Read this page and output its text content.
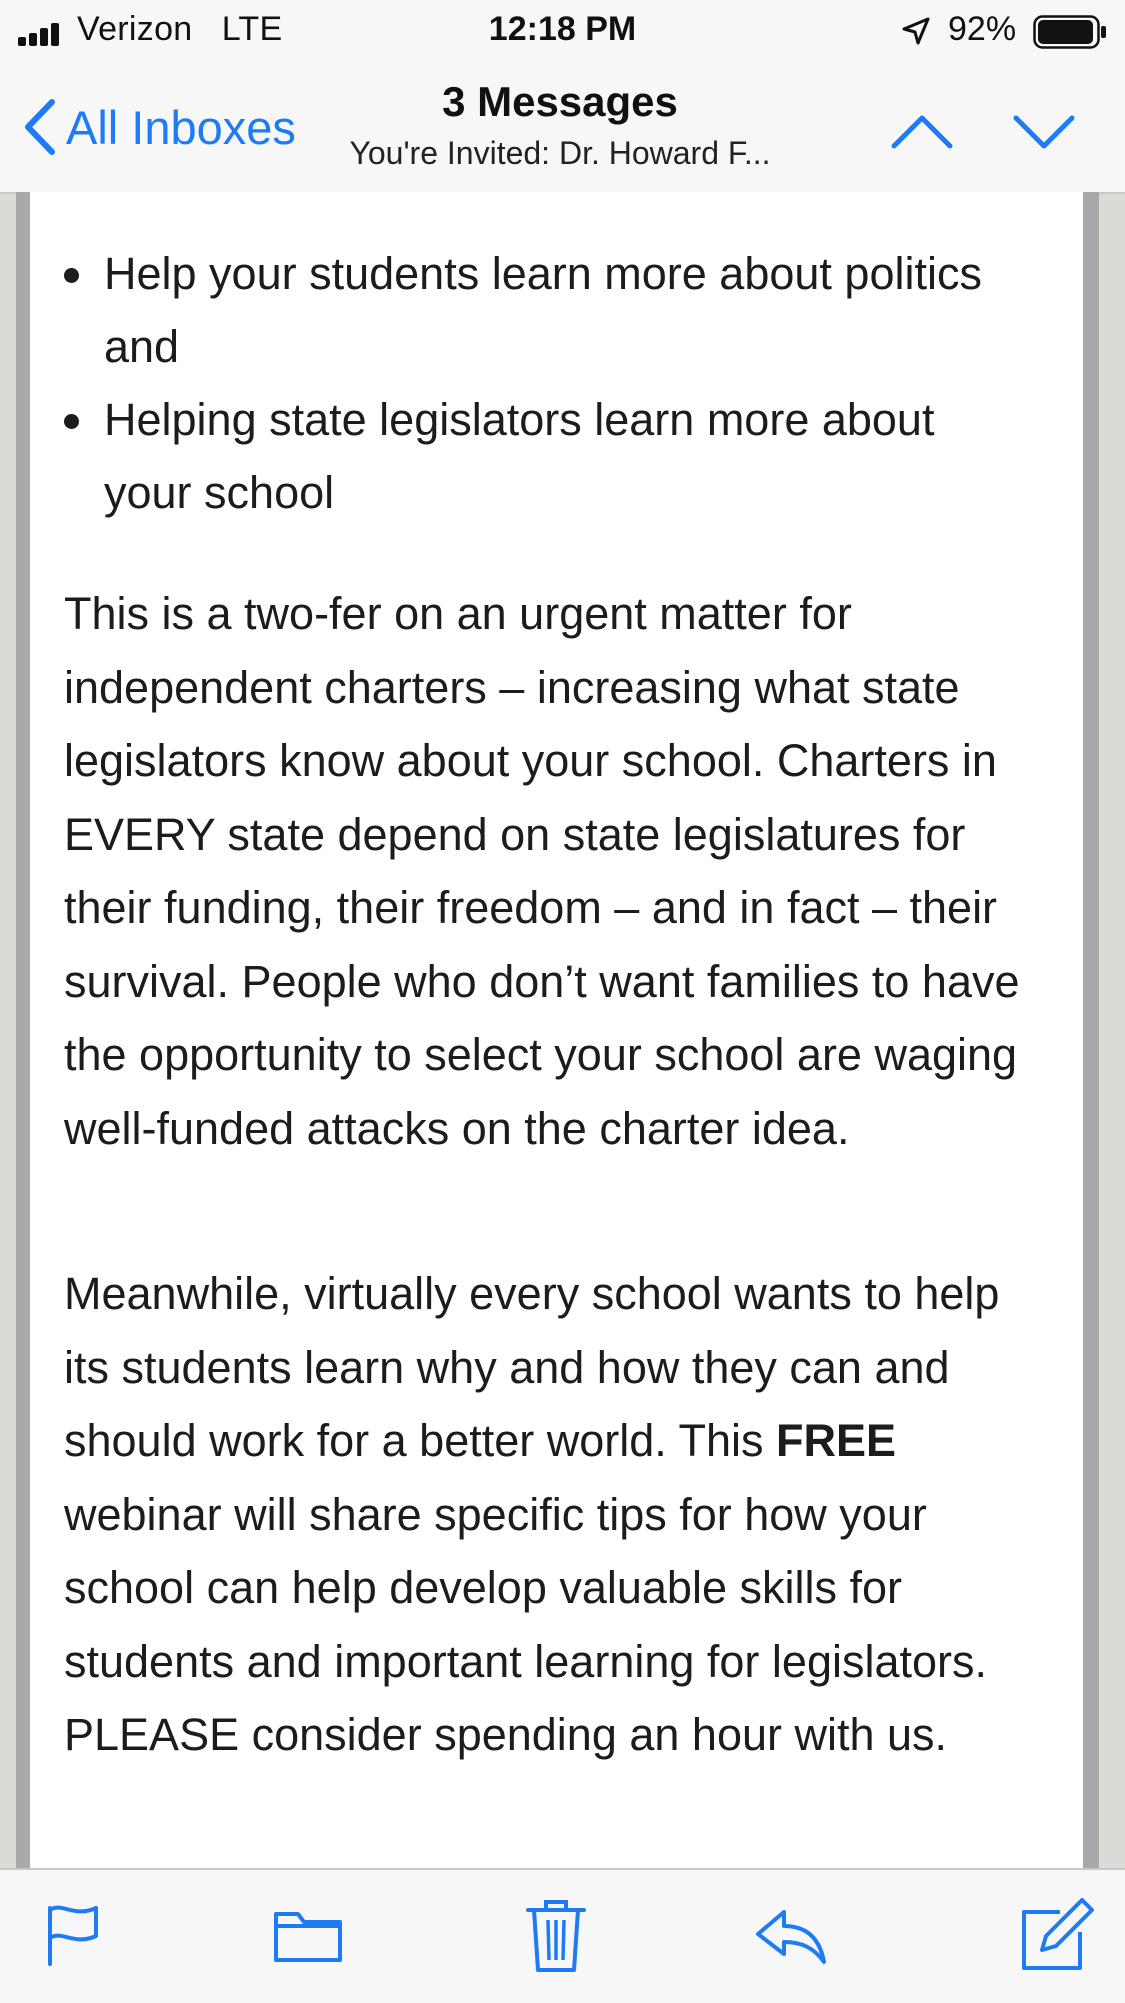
Verizon   LTE	12:18 PM	92%
All Inboxes	3 Messages
You're Invited: Dr. Howard F...
Help your students learn more about politics and
Helping state legislators learn more about your school

This is a two-fer on an urgent matter for independent charters – increasing what state legislators know about your school. Charters in EVERY state depend on state legislatures for their funding, their freedom – and in fact – their survival. People who don’t want families to have the opportunity to select your school are waging well-funded attacks on the charter idea.

Meanwhile, virtually every school wants to help its students learn why and how they can and should work for a better world. This FREE webinar will share specific tips for how your school can help develop valuable skills for students and important learning for legislators. PLEASE consider spending an hour with us.
